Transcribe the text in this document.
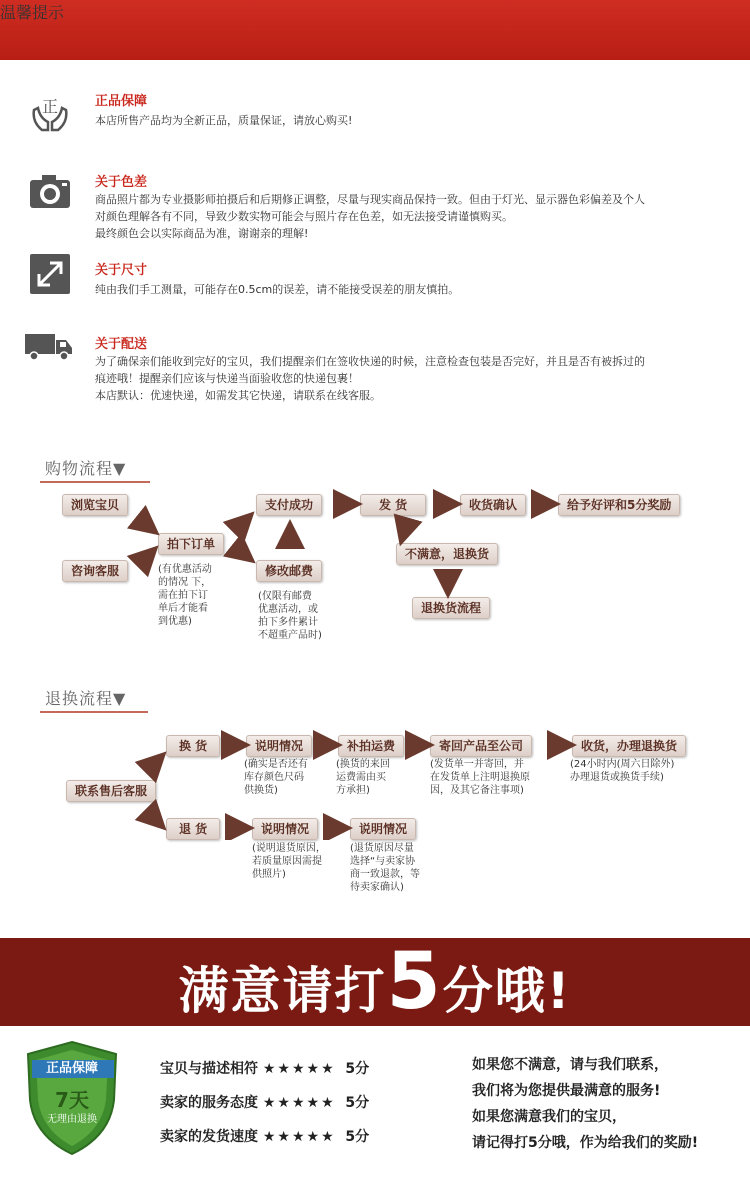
温馨提示
正	正品保障
本店所售产品均为全新正品，质量保证，请放心购买!
关于色差
商品照片都为专业摄影师拍摄后和后期修正调整，尽量与现实商品保持一致。但由于灯光、显示器色彩偏差及个人
对颜色理解各有不同，导致少数实物可能会与照片存在色差，如无法接受请谨慎购买。
最终颜色会以实际商品为准，谢谢亲的理解!
关于尺寸
纯由我们手工测量，可能存在0.5cm的误差，请不能接受误差的朋友慎拍。
关于配送
为了确保亲们能收到完好的宝贝，我们提醒亲们在签收快递的时候，注意检查包装是否完好，并且是否有被拆过的
痕迹哦！提醒亲们应该与快递当面验收您的快递包裹！
本店默认：优速快递，如需发其它快递，请联系在线客服。
购物流程▼
浏览宝贝
咨询客服
拍下订单
(有优惠活动
的情况 下，
需在拍下订
单后才能看
到优惠)
支付成功
修改邮费
(仅限有邮费
优惠活动，或
拍下多件累计
不超重产品时)
发 货	收货确认	给予好评和5分奖励
不满意，退换货
退换货流程
退换流程▼
联系售后客服
换 货	说明情况
(确实是否还有
库存颜色尺码
供换货)
补拍运费
(换货的来回
运费需由买
方承担)
寄回产品至公司
(发货单一并寄回，并
在发货单上注明退换原
因，及其它备注事项)
收货，办理退换货
(24小时内(周六日除外)
办理退货或换货手续)
退 货	说明情况
(说明退货原因，
若质量原因需提
供照片)
说明情况
(退货原因尽量
选择“与卖家协
商一致退款，等
待卖家确认)
满意请打5分哦!
正品保障
7天
无理由退换
宝贝与描述相符 ★★★★★ 5分
卖家的服务态度 ★★★★★ 5分
卖家的发货速度 ★★★★★ 5分
如果您不满意，请与我们联系，
我们将为您提供最满意的服务!
如果您满意我们的宝贝，
请记得打5分哦，作为给我们的奖励!
